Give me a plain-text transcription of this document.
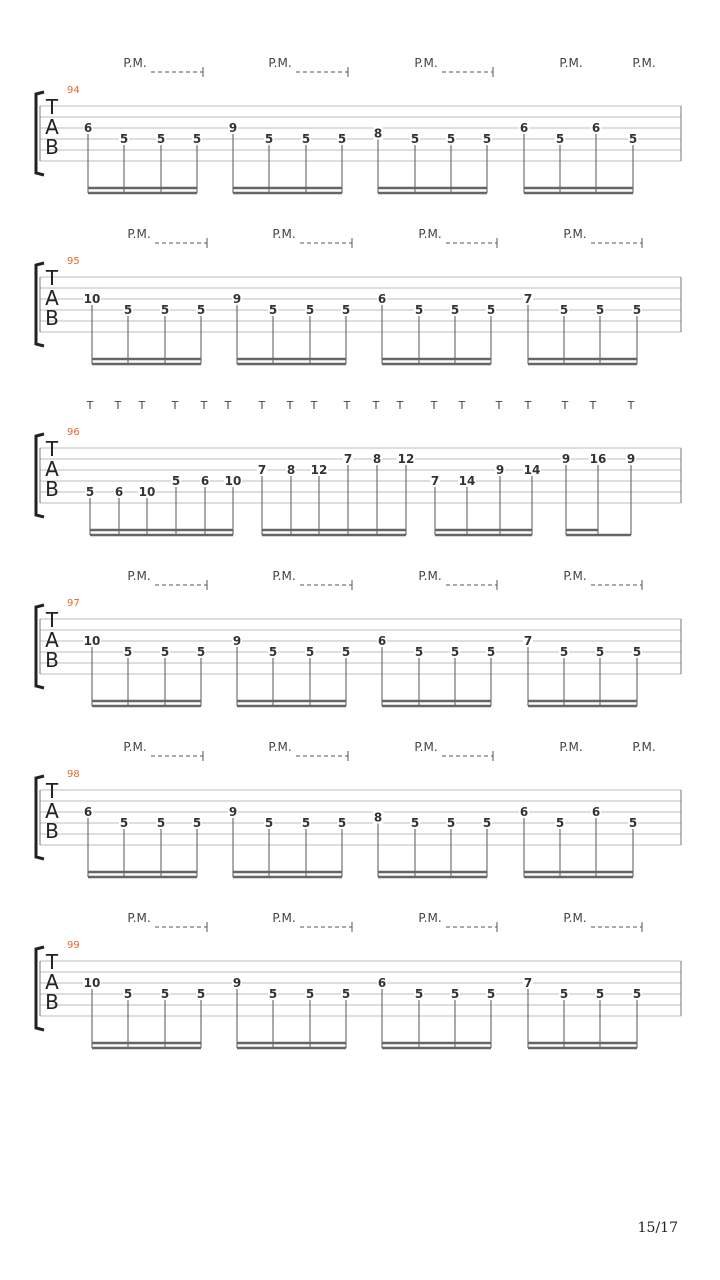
T
A
B
94
P.M.	P.M.	P.M.	P.M.	P.M.
6
5 5 5
9
5 5 5 8 5 5 5
6
5
6
5
T
A
B
95
P.M.	P.M.	P.M.	P.M.
10
5 5 5
9
5 5 5
6
5 5 5
7
5 5 5
T
A
B
96
T T T T T T T T T T T T T T	T T	T T	T
5 6 10
5 6 10
7 8 12
7 8 12
7 14
9 14
9 16 9
T
A
B
97
P.M.	P.M.	P.M.	P.M.
10
5 5 5
9
5 5 5
6
5 5 5
7
5 5 5
T
A
B
98
P.M.	P.M.	P.M.	P.M.	P.M.
6
5 5 5
9
5 5 5 8 5 5 5
6
5
6
5
T
A
B
99
P.M.	P.M.	P.M.	P.M.
10
5 5 5
9
5 5 5
6
5 5 5
7
5 5 5
15/17
